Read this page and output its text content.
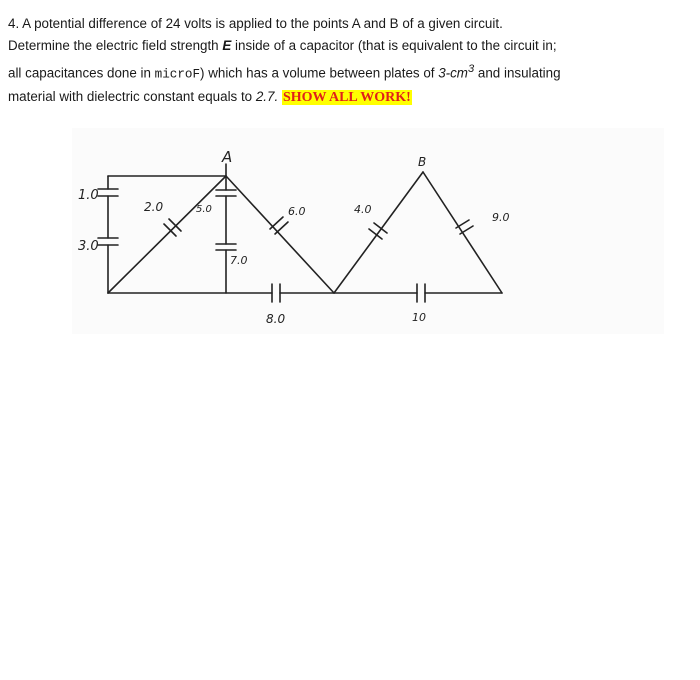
4. A potential difference of 24 volts is applied to the points A and B of a given circuit.

Determine the electric field strength E inside of a capacitor (that is equivalent to the circuit in;

all capacitances done in microF) which has a volume between plates of $3-cm^3$ and insulating

material with dielectric constant equals to 2.7. SHOW ALL WORK!

A	B
1.0
3.0
2.0	5.0
7.0
6.0	4.0
9.0
8.0	10
